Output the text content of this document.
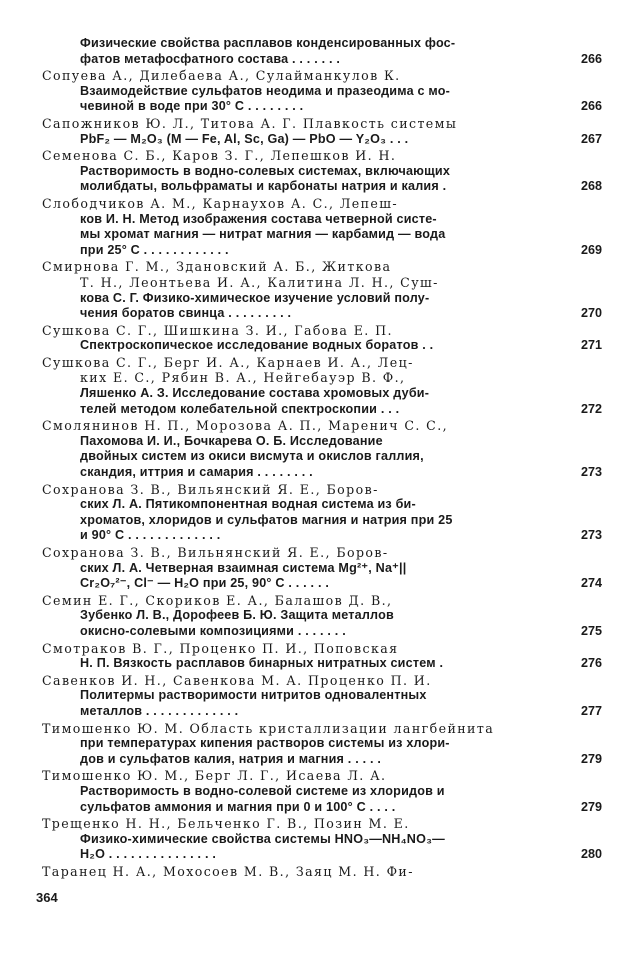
Физические свойства расплавов конденсированных фос-
фатов метафосфатного состава . . . . . . .	266
Сопуева А., Дилебаева А., Сулайманкулов К.
Взаимодействие сульфатов неодима и празеодима с мо-
чевиной в воде при 30° С . . . . . . . .	266
Сапожников Ю. Л., Титова А. Г. Плавкость системы
PbF₂ — M₂O₃ (M — Fe, Al, Sc, Ga) — PbO — Y₂O₃ . . .	267
Семенова С. Б., Каров З. Г., Лепешков И. Н.
Растворимость в водно-солевых системах, включающих
молибдаты, вольфраматы и карбонаты натрия и калия .	268
Слободчиков А. М., Карнаухов А. С., Лепеш-
ков И. Н. Метод изображения состава четверной систе-
мы хромат магния — нитрат магния — карбамид — вода
при 25° С . . . . . . . . . . . .	269
Смирнова Г. М., Здановский А. Б., Житкова
Т. Н., Леонтьева И. А., Калитина Л. Н., Суш-
кова С. Г. Физико-химическое изучение условий полу-
чения боратов свинца . . . . . . . . .	270
Сушкова С. Г., Шишкина З. И., Габова Е. П.
Спектроскопическое исследование водных боратов . .	271
Сушкова С. Г., Берг И. А., Карнаев И. А., Лец-
ких Е. С., Рябин В. А., Нейгебауэр В. Ф.,
Ляшенко А. З. Исследование состава хромовых дуби-
телей методом колебательной спектроскопии . . .	272
Смолянинов Н. П., Морозова А. П., Маренич С. С.,
Пахомова И. И., Бочкарева О. Б. Исследование
двойных систем из окиси висмута и окислов галлия,
скандия, иттрия и самария . . . . . . . .	273
Сохранова З. В., Вильянский Я. Е., Боров-
ских Л. А. Пятикомпонентная водная система из би-
хроматов, хлоридов и сульфатов магния и натрия при 25
и 90° С . . . . . . . . . . . . .	273
Сохранова З. В., Вильнянский Я. Е., Боров-
ских Л. А. Четверная взаимная система Mg²⁺, Na⁺||
Cr₂O₇²⁻, Cl⁻ — H₂O при 25, 90° С . . . . . .	274
Семин Е. Г., Скориков Е. А., Балашов Д. В.,
Зубенко Л. В., Дорофеев Б. Ю. Защита металлов
окисно-солевыми композициями . . . . . . .	275
Смотраков В. Г., Проценко П. И., Поповская
Н. П. Вязкость расплавов бинарных нитратных систем .	276
Савенков И. Н., Савенкова М. А. Проценко П. И.
Политермы растворимости нитритов одновалентных
металлов . . . . . . . . . . . . .	277
Тимошенко Ю. М. Область кристаллизации лангбейнита
при температурах кипения растворов системы из хлори-
дов и сульфатов калия, натрия и магния . . . . .	279
Тимошенко Ю. М., Берг Л. Г., Исаева Л. А.
Растворимость в водно-солевой системе из хлоридов и
сульфатов аммония и магния при 0 и 100° С . . . .	279
Трещенко Н. Н., Бельченко Г. В., Позин М. Е.
Физико-химические свойства системы HNO₃—NH₄NO₃—
H₂O . . . . . . . . . . . . . . .	280
Таранец Н. А., Мохосоев М. В., Заяц М. Н. Фи-
364
